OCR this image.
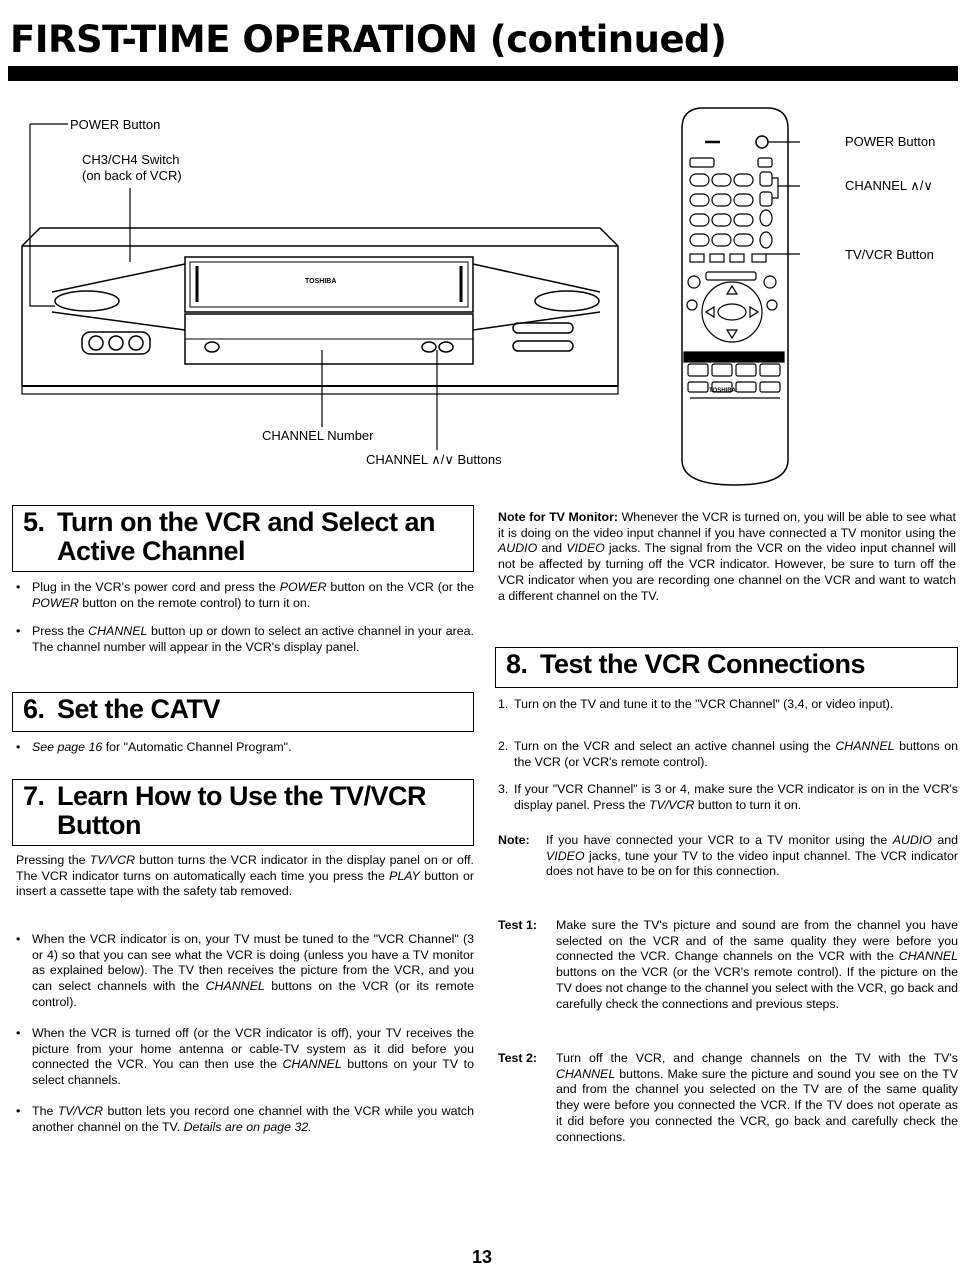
FIRST-TIME OPERATION (continued)
POWER Button
CH3/CH4 Switch
(on back of VCR)
TOSHIBA
CHANNEL Number
CHANNEL ∧/∨ Buttons
TOSHIBA
POWER Button
CHANNEL ∧/∨
TV/VCR Button
5. Turn on the VCR and Select an
Active Channel
• Plug in the VCR's power cord and press the POWER button on the VCR (or the POWER button on the remote control) to turn it on.
• Press the CHANNEL button up or down to select an active channel in your area. The channel number will appear in the VCR's display panel.
6. Set the CATV
• See page 16 for "Automatic Channel Program".
7. Learn How to Use the TV/VCR
Button
Pressing the TV/VCR button turns the VCR indicator in the display panel on or off. The VCR indicator turns on automatically each time you press the PLAY button or insert a cassette tape with the safety tab removed.
• When the VCR indicator is on, your TV must be tuned to the "VCR Channel" (3 or 4) so that you can see what the VCR is doing (unless you have a TV monitor as explained below). The TV then receives the picture from the VCR, and you can select channels with the CHANNEL buttons on the VCR (or its remote control).
• When the VCR is turned off (or the VCR indicator is off), your TV receives the picture from your home antenna or cable-TV system as it did before you connected the VCR. You can then use the CHANNEL buttons on your TV to select channels.
• The TV/VCR button lets you record one channel with the VCR while you watch another channel on the TV. Details are on page 32.
Note for TV Monitor: Whenever the VCR is turned on, you will be able to see what it is doing on the video input channel if you have connected a TV monitor using the AUDIO and VIDEO jacks. The signal from the VCR on the video input channel will not be affected by turning off the VCR indicator. However, be sure to turn off the VCR indicator when you are recording one channel on the VCR and want to watch a different channel on the TV.
8. Test the VCR Connections
1. Turn on the TV and tune it to the "VCR Channel" (3,4, or video input).
2. Turn on the VCR and select an active channel using the CHANNEL buttons on the VCR (or VCR's remote control).
3. If your "VCR Channel" is 3 or 4, make sure the VCR indicator is on in the VCR's display panel. Press the TV/VCR button to turn it on.
Note: If you have connected your VCR to a TV monitor using the AUDIO and VIDEO jacks, tune your TV to the video input channel. The VCR indicator does not have to be on for this connection.
Test 1: Make sure the TV's picture and sound are from the channel you have selected on the VCR and of the same quality they were before you connected the VCR. Change channels on the VCR with the CHANNEL buttons on the VCR (or the VCR's remote control). If the picture on the TV does not change to the channel you select with the VCR, go back and carefully check the connections and previous steps.
Test 2: Turn off the VCR, and change channels on the TV with the TV's CHANNEL buttons. Make sure the picture and sound you see on the TV and from the channel you selected on the TV are of the same quality they were before you connected the VCR. If the TV does not operate as it did before you connected the VCR, go back and carefully check the connections.
13
